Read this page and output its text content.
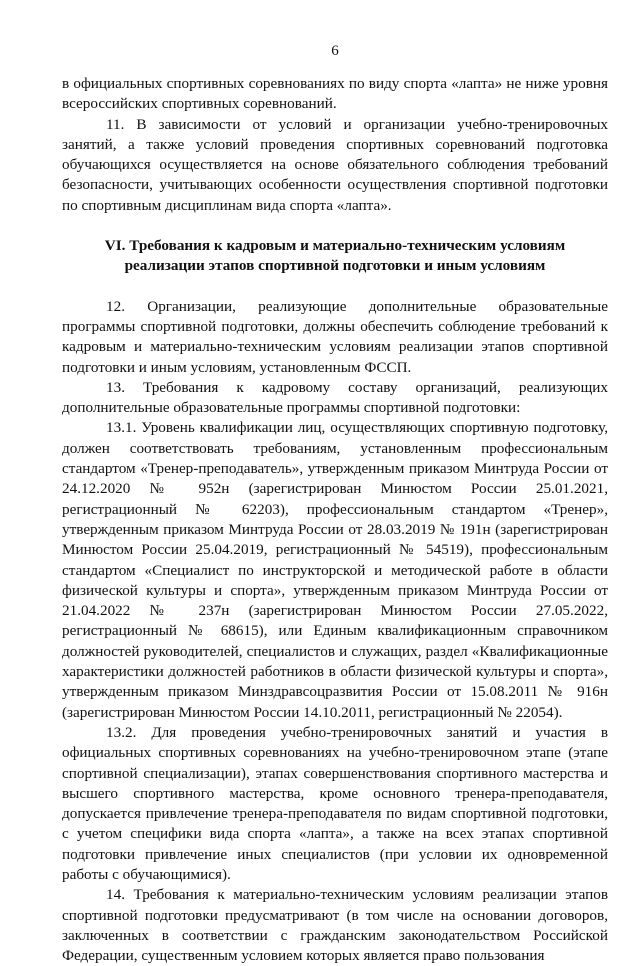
6

в официальных спортивных соревнованиях по виду спорта «лапта» не ниже уровня всероссийских спортивных соревнований.

11. В зависимости от условий и организации учебно-тренировочных занятий, а также условий проведения спортивных соревнований подготовка обучающихся осуществляется на основе обязательного соблюдения требований безопасности, учитывающих особенности осуществления спортивной подготовки по спортивным дисциплинам вида спорта «лапта».

VI. Требования к кадровым и материально-техническим условиям реализации этапов спортивной подготовки и иным условиям

12. Организации, реализующие дополнительные образовательные программы спортивной подготовки, должны обеспечить соблюдение требований к кадровым и материально-техническим условиям реализации этапов спортивной подготовки и иным условиям, установленным ФССП.

13. Требования к кадровому составу организаций, реализующих дополнительные образовательные программы спортивной подготовки:

13.1. Уровень квалификации лиц, осуществляющих спортивную подготовку, должен соответствовать требованиям, установленным профессиональным стандартом «Тренер-преподаватель», утвержденным приказом Минтруда России от 24.12.2020 № 952н (зарегистрирован Минюстом России 25.01.2021, регистрационный № 62203), профессиональным стандартом «Тренер», утвержденным приказом Минтруда России от 28.03.2019 № 191н (зарегистрирован Минюстом России 25.04.2019, регистрационный № 54519), профессиональным стандартом «Специалист по инструкторской и методической работе в области физической культуры и спорта», утвержденным приказом Минтруда России от 21.04.2022 № 237н (зарегистрирован Минюстом России 27.05.2022, регистрационный № 68615), или Единым квалификационным справочником должностей руководителей, специалистов и служащих, раздел «Квалификационные характеристики должностей работников в области физической культуры и спорта», утвержденным приказом Минздравсоцразвития России от 15.08.2011 № 916н (зарегистрирован Минюстом России 14.10.2011, регистрационный № 22054).

13.2. Для проведения учебно-тренировочных занятий и участия в официальных спортивных соревнованиях на учебно-тренировочном этапе (этапе спортивной специализации), этапах совершенствования спортивного мастерства и высшего спортивного мастерства, кроме основного тренера-преподавателя, допускается привлечение тренера-преподавателя по видам спортивной подготовки, с учетом специфики вида спорта «лапта», а также на всех этапах спортивной подготовки привлечение иных специалистов (при условии их одновременной работы с обучающимися).

14. Требования к материально-техническим условиям реализации этапов спортивной подготовки предусматривают (в том числе на основании договоров, заключенных в соответствии с гражданским законодательством Российской Федерации, существенным условием которых является право пользования
